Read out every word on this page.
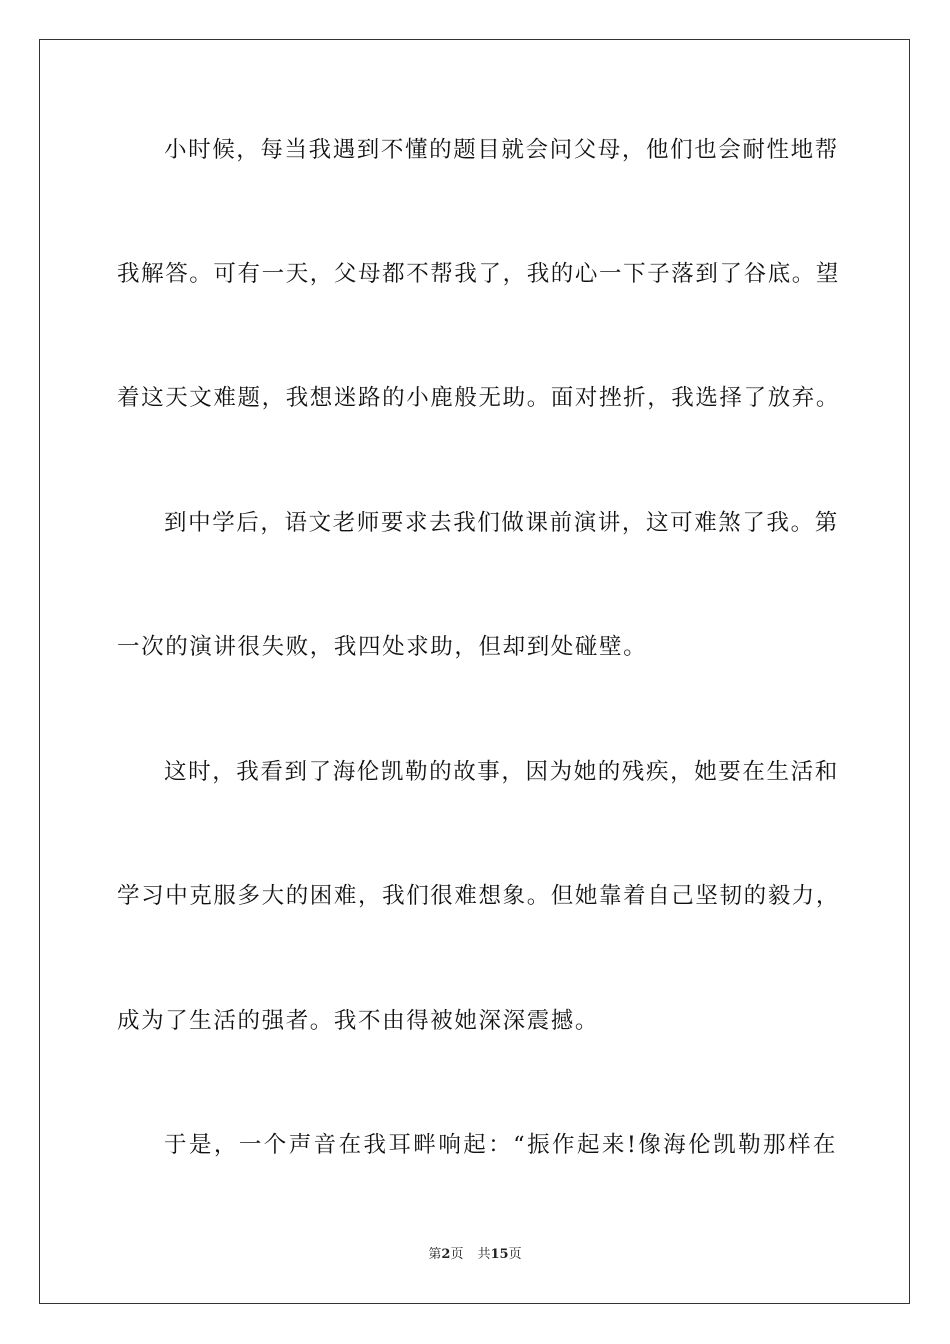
小时候，每当我遇到不懂的题目就会问父母，他们也会耐性地帮
我解答。可有一天，父母都不帮我了，我的心一下子落到了谷底。望
着这天文难题，我想迷路的小鹿般无助。面对挫折，我选择了放弃。
到中学后，语文老师要求去我们做课前演讲，这可难煞了我。第
一次的演讲很失败，我四处求助，但却到处碰壁。
这时，我看到了海伦凯勒的故事，因为她的残疾，她要在生活和
学习中克服多大的困难，我们很难想象。但她靠着自己坚韧的毅力，
成为了生活的强者。我不由得被她深深震撼。
于是，一个声音在我耳畔响起：“振作起来!像海伦凯勒那样在
第2页 共15页
